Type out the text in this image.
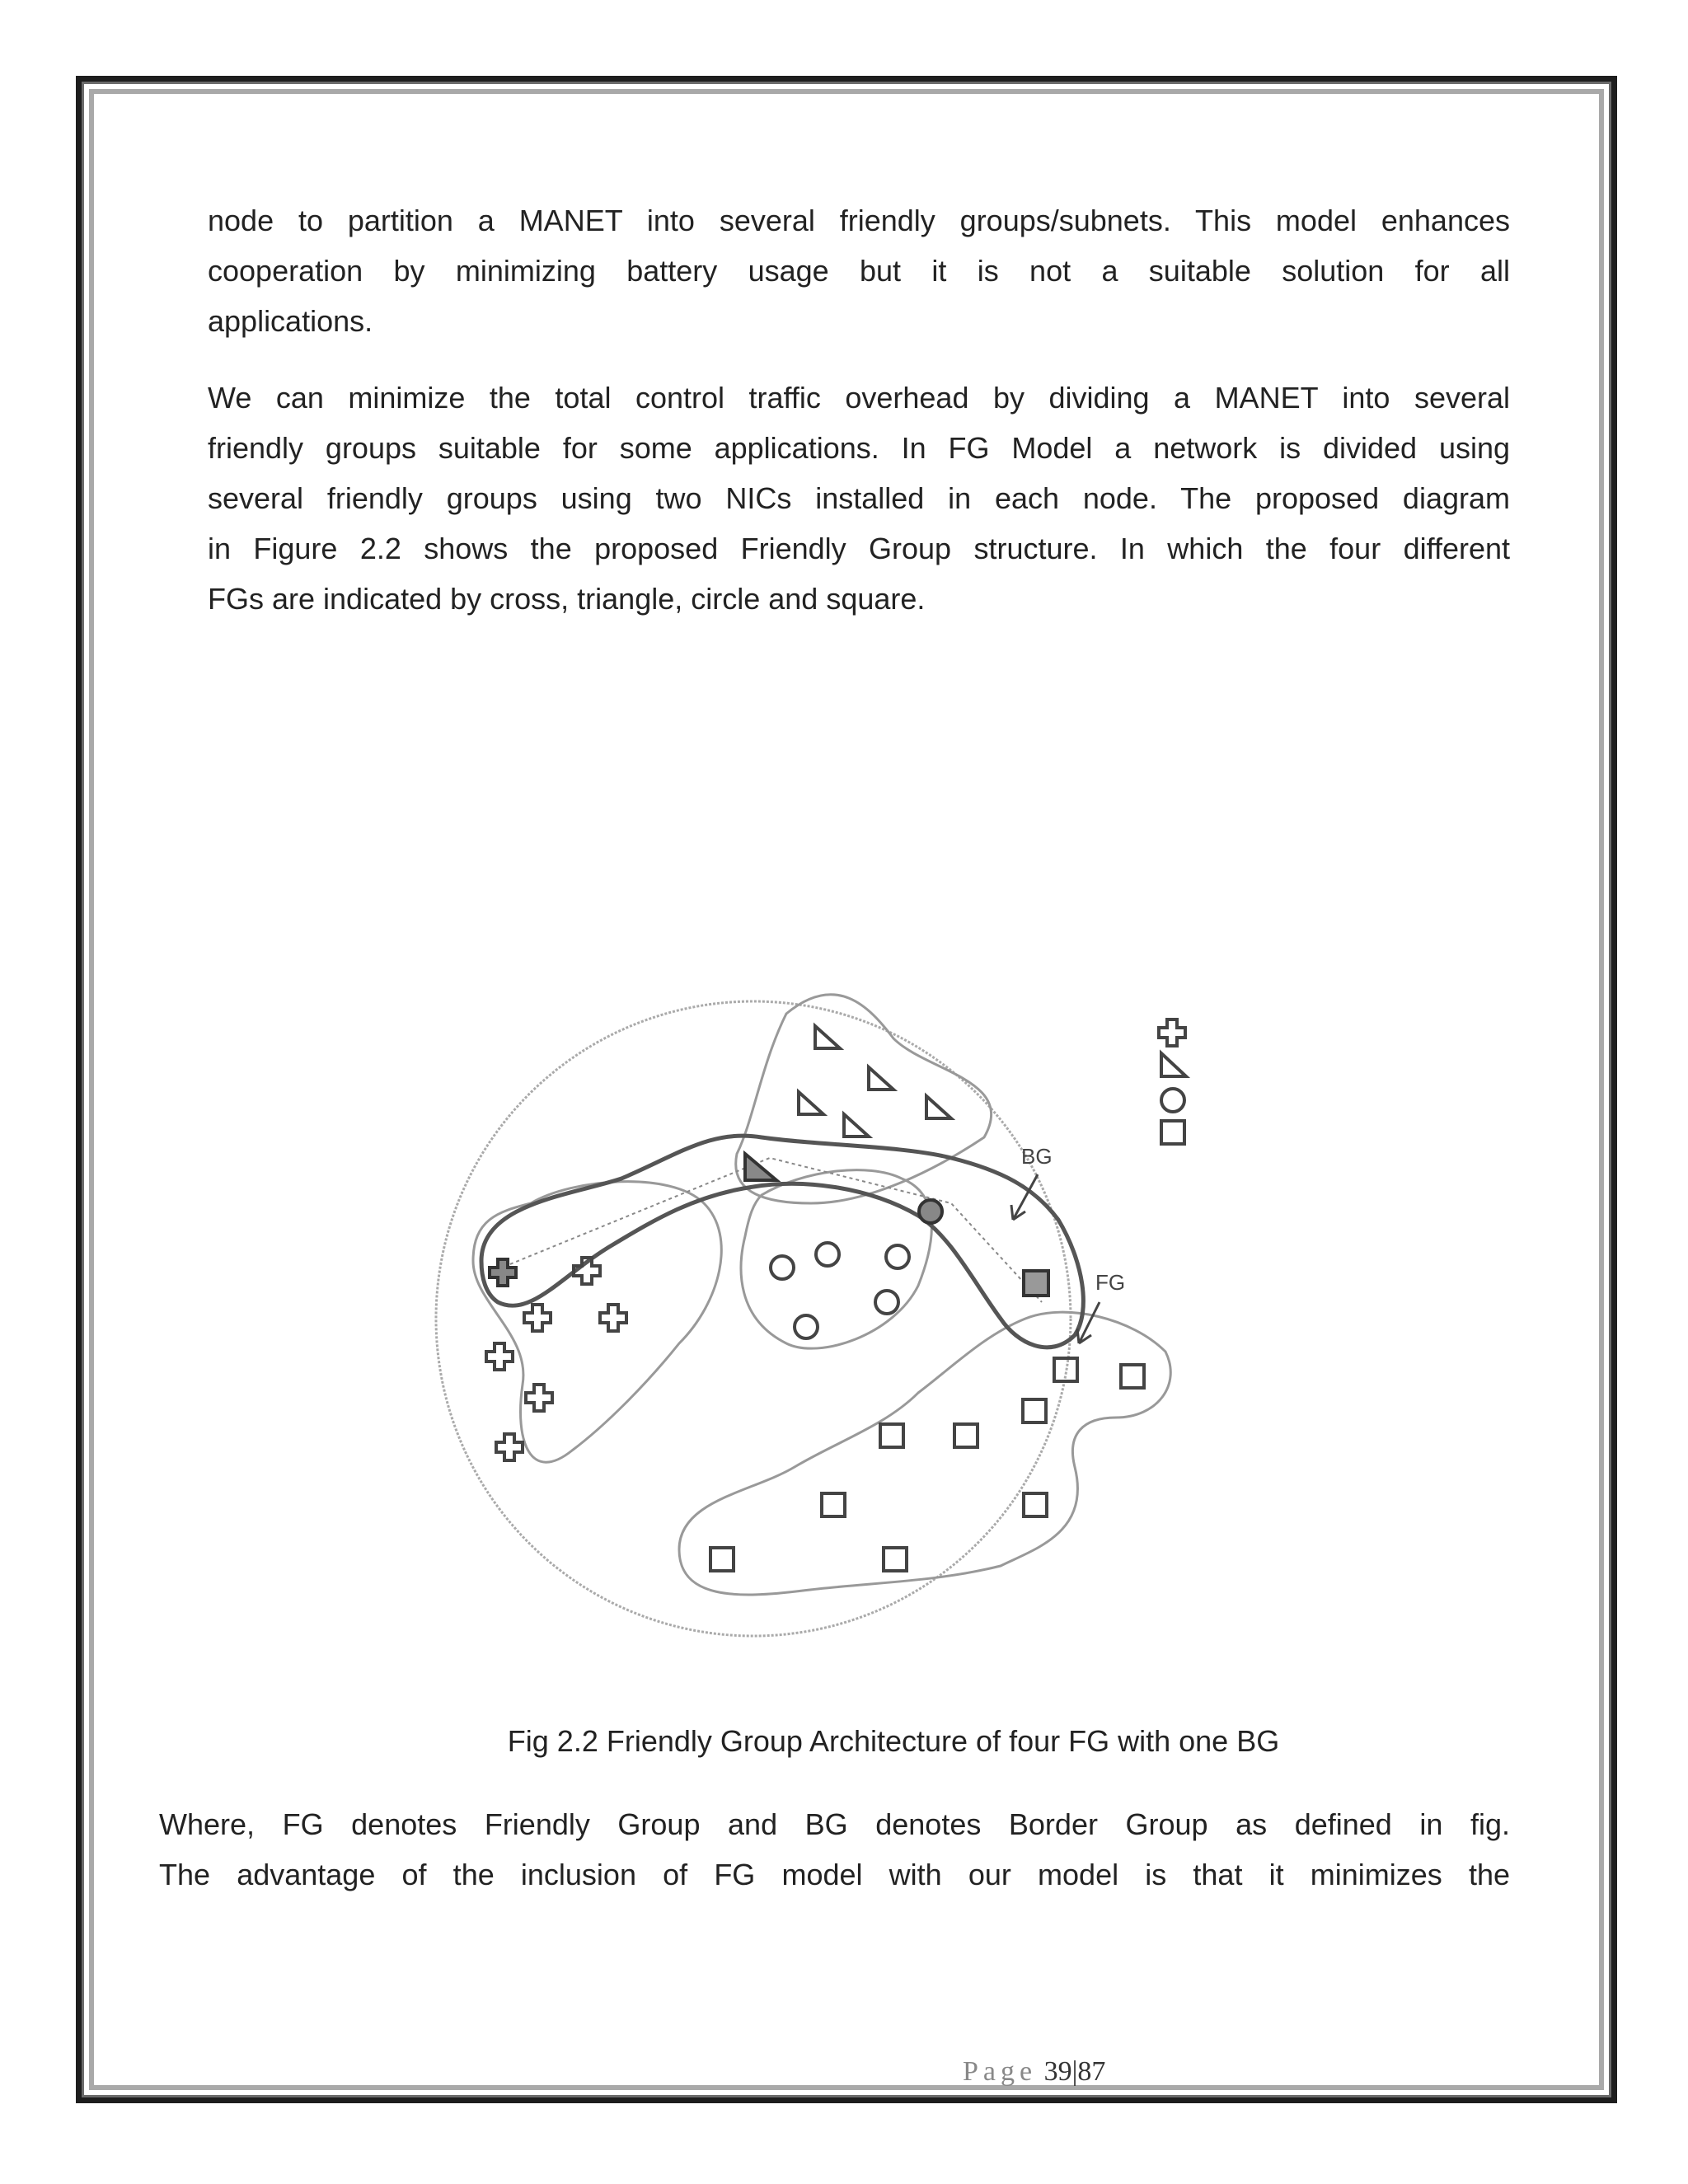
node to partition a MANET into several friendly groups/subnets. This model enhances
cooperation by minimizing battery usage but it is not a suitable solution for all
applications.
We can minimize the total control traffic overhead by dividing a MANET into several
friendly groups suitable for some applications. In FG Model a network is divided using
several friendly groups using two NICs installed in each node. The proposed diagram
in Figure 2.2 shows the proposed Friendly Group structure. In which the four different
FGs are indicated by cross, triangle, circle and square.
BG
FG
Fig 2.2 Friendly Group Architecture of four FG with one BG
Where, FG denotes Friendly Group and BG denotes Border Group as defined in fig.
The advantage of the inclusion of FG model with our model is that it minimizes the
Page 39|87
